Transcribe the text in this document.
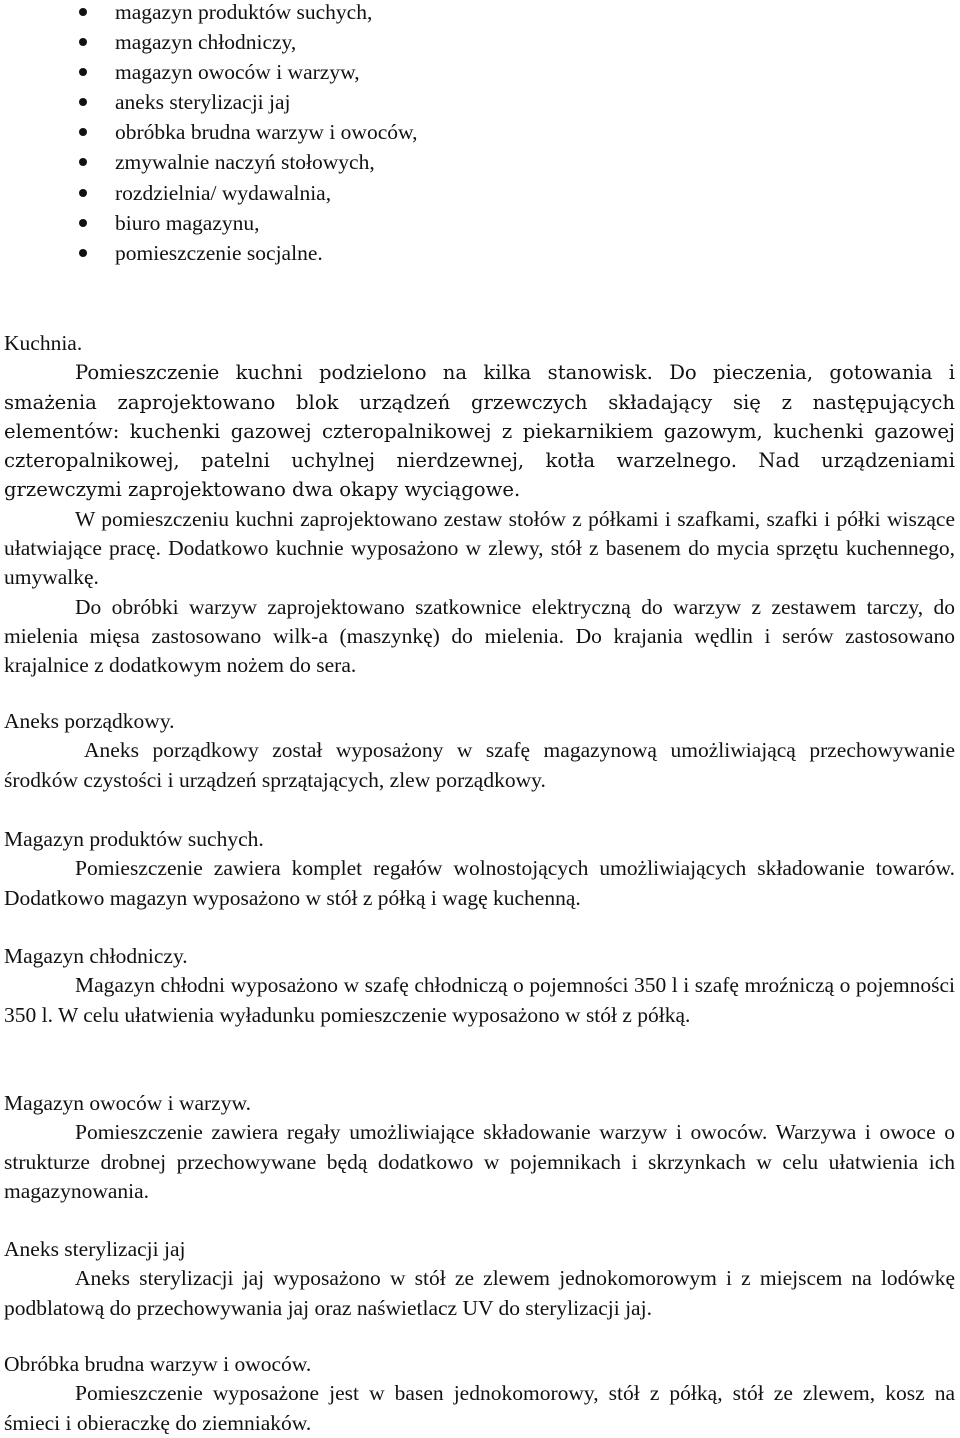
magazyn produktów suchych,
magazyn chłodniczy,
magazyn owoców i warzyw,
aneks sterylizacji jaj
obróbka brudna warzyw i owoców,
zmywalnie naczyń stołowych,
rozdzielnia/ wydawalnia,
biuro magazynu,
pomieszczenie socjalne.
Kuchnia.
Pomieszczenie kuchni podzielono na kilka stanowisk. Do pieczenia, gotowania i smażenia zaprojektowano blok urządzeń grzewczych składający się z następujących elementów: kuchenki gazowej czteropalnikowej z piekarnikiem gazowym, kuchenki gazowej czteropalnikowej, patelni uchylnej nierdzewnej, kotła warzelnego. Nad urządzeniami grzewczymi zaprojektowano dwa okapy wyciągowe.
W pomieszczeniu kuchni zaprojektowano zestaw stołów z półkami i szafkami, szafki i półki wiszące ułatwiające pracę. Dodatkowo kuchnie wyposażono w zlewy, stół z basenem do mycia sprzętu kuchennego, umywalkę.
Do obróbki warzyw zaprojektowano szatkownice elektryczną do warzyw z zestawem tarczy, do mielenia mięsa zastosowano wilk-a (maszynkę) do mielenia. Do krajania wędlin i serów zastosowano krajalnice z dodatkowym nożem do sera.
Aneks porządkowy.
Aneks porządkowy został wyposażony w szafę magazynową umożliwiającą przechowywanie środków czystości i urządzeń sprzątających, zlew porządkowy.
Magazyn produktów suchych.
Pomieszczenie zawiera komplet regałów wolnostojących umożliwiających składowanie towarów. Dodatkowo magazyn wyposażono w stół z półką i wagę kuchenną.
Magazyn chłodniczy.
Magazyn chłodni wyposażono w szafę chłodniczą o pojemności 350 l i szafę mroźniczą o pojemności 350 l. W celu ułatwienia wyładunku pomieszczenie wyposażono w stół z półką.
Magazyn owoców i warzyw.
Pomieszczenie zawiera regały umożliwiające składowanie warzyw i owoców. Warzywa i owoce o strukturze drobnej przechowywane będą dodatkowo w pojemnikach i skrzynkach w celu ułatwienia ich magazynowania.
Aneks sterylizacji jaj
Aneks sterylizacji jaj wyposażono w stół ze zlewem jednokomorowym i z miejscem na lodówkę podblatową do przechowywania jaj oraz naświetlacz UV do sterylizacji jaj.
Obróbka brudna warzyw i owoców.
Pomieszczenie wyposażone jest w basen jednokomorowy, stół z półką, stół ze zlewem, kosz na śmieci i obieraczkę do ziemniaków.
